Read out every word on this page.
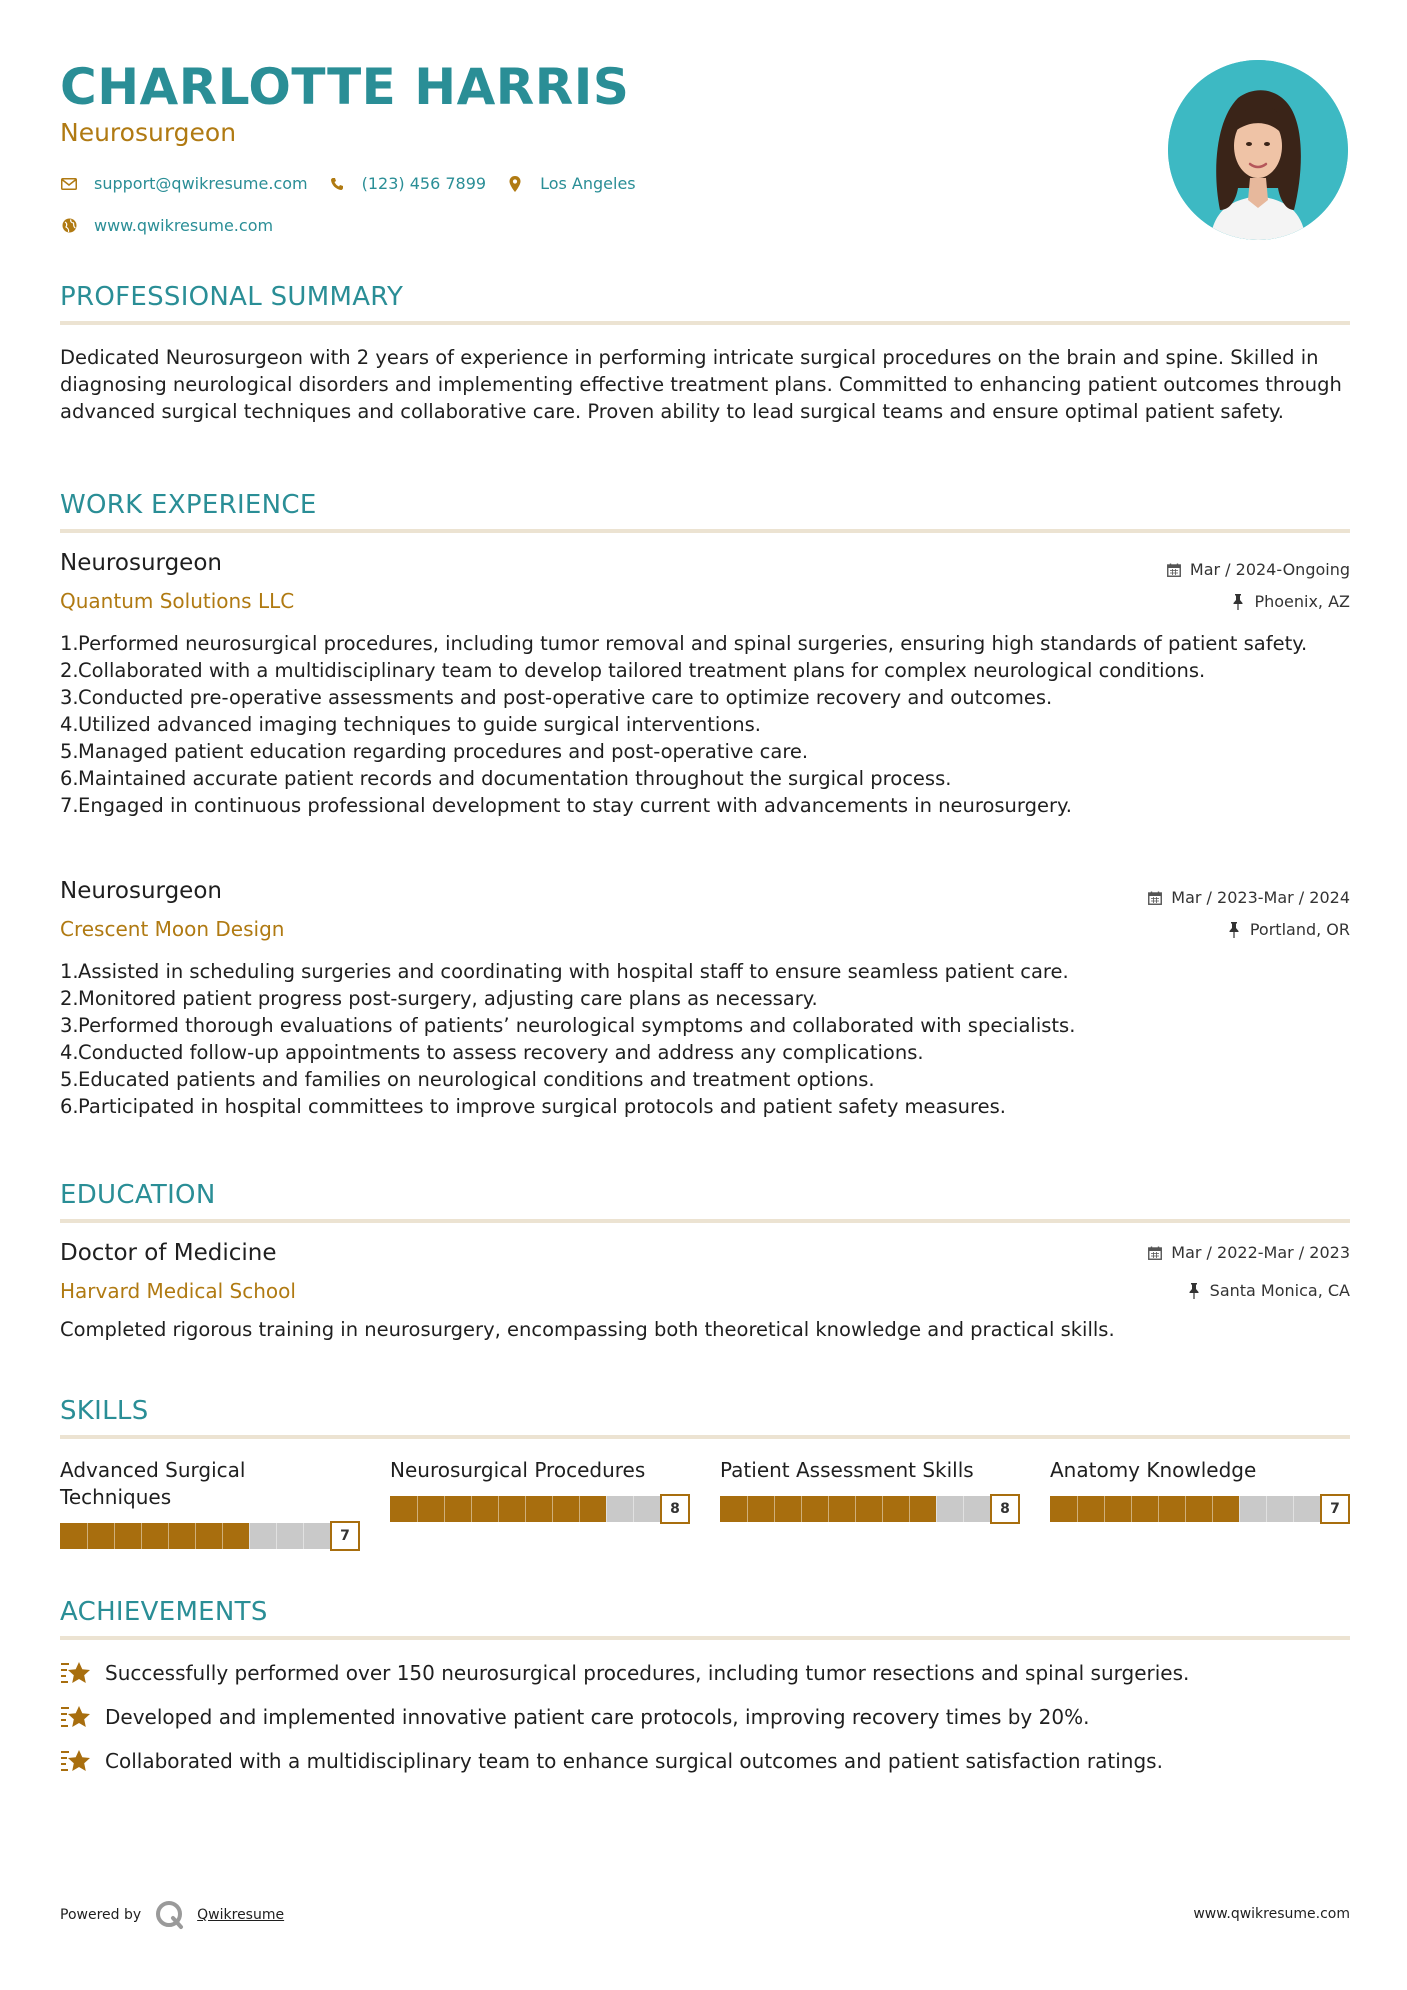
CHARLOTTE HARRIS
Neurosurgeon
support@qwikresume.com	(123) 456 7899	Los Angeles
www.qwikresume.com
PROFESSIONAL SUMMARY

Dedicated Neurosurgeon with 2 years of experience in performing intricate surgical procedures on the brain and spine. Skilled in diagnosing neurological disorders and implementing effective treatment plans. Committed to enhancing patient outcomes through advanced surgical techniques and collaborative care. Proven ability to lead surgical teams and ensure optimal patient safety.

WORK EXPERIENCE
Neurosurgeon	Mar / 2024-Ongoing
Quantum Solutions LLC	Phoenix, AZ
1. Performed neurosurgical procedures, including tumor removal and spinal surgeries, ensuring high standards of patient safety.
2. Collaborated with a multidisciplinary team to develop tailored treatment plans for complex neurological conditions.
3. Conducted pre-operative assessments and post-operative care to optimize recovery and outcomes.
4. Utilized advanced imaging techniques to guide surgical interventions.
5. Managed patient education regarding procedures and post-operative care.
6. Maintained accurate patient records and documentation throughout the surgical process.
7. Engaged in continuous professional development to stay current with advancements in neurosurgery.
Neurosurgeon	Mar / 2023-Mar / 2024
Crescent Moon Design	Portland, OR
1. Assisted in scheduling surgeries and coordinating with hospital staff to ensure seamless patient care.
2. Monitored patient progress post-surgery, adjusting care plans as necessary.
3. Performed thorough evaluations of patients’ neurological symptoms and collaborated with specialists.
4. Conducted follow-up appointments to assess recovery and address any complications.
5. Educated patients and families on neurological conditions and treatment options.
6. Participated in hospital committees to improve surgical protocols and patient safety measures.
EDUCATION
Doctor of Medicine	Mar / 2022-Mar / 2023
Harvard Medical School	Santa Monica, CA

Completed rigorous training in neurosurgery, encompassing both theoretical knowledge and practical skills.

SKILLS
Advanced Surgical Techniques
7
Neurosurgical Procedures
8
Patient Assessment Skills
8
Anatomy Knowledge
7
ACHIEVEMENTS
Successfully performed over 150 neurosurgical procedures, including tumor resections and spinal surgeries.
Developed and implemented innovative patient care protocols, improving recovery times by 20%.
Collaborated with a multidisciplinary team to enhance surgical outcomes and patient satisfaction ratings.
Powered by	Qwikresume	www.qwikresume.com
